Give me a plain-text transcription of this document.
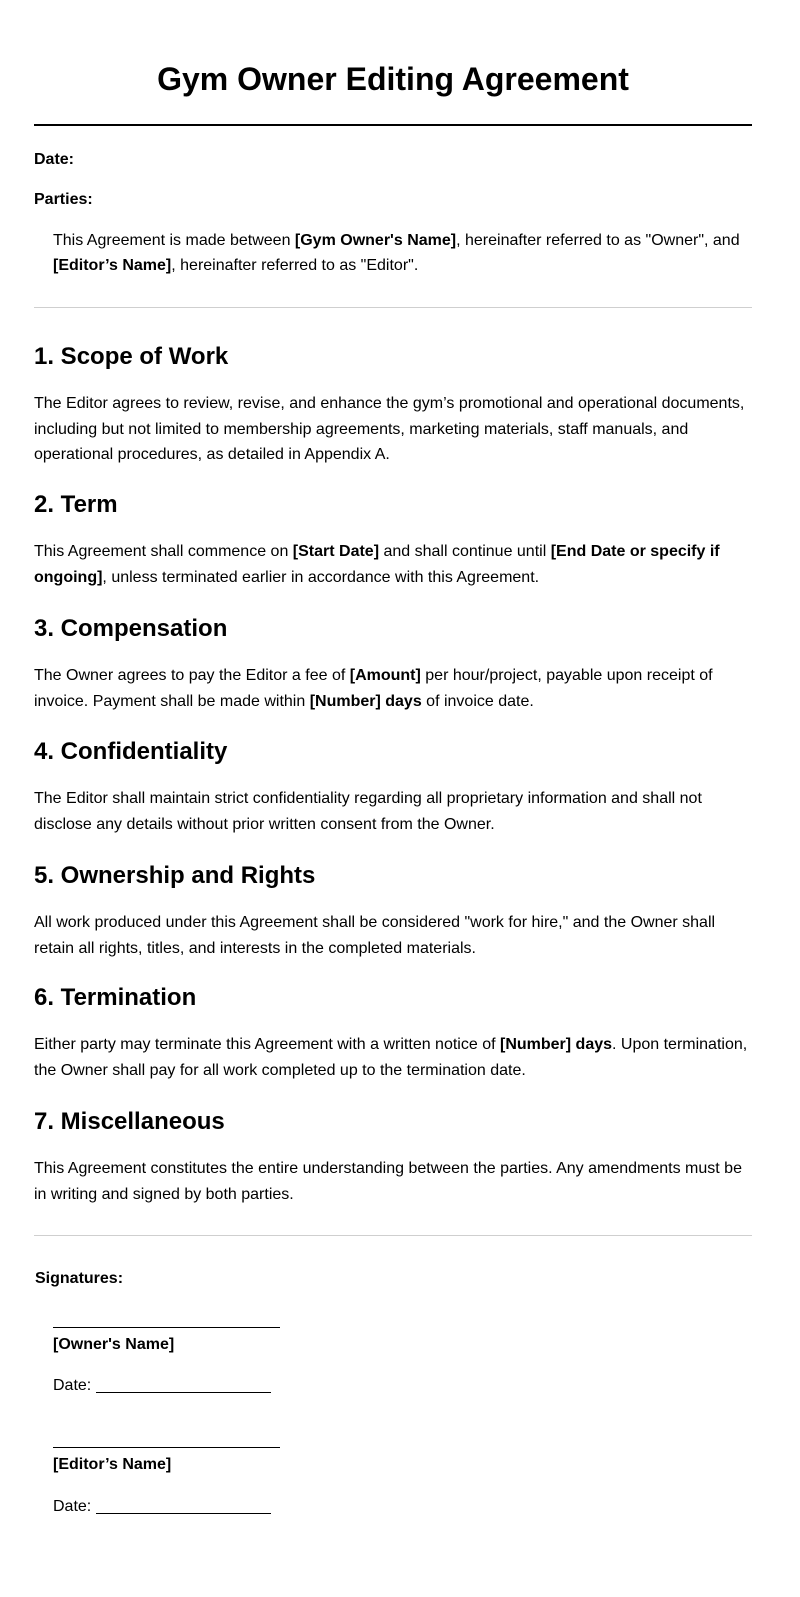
Gym Owner Editing Agreement
Date:
Parties:
This Agreement is made between [Gym Owner's Name], hereinafter referred to as "Owner", and [Editor’s Name], hereinafter referred to as "Editor".
1. Scope of Work

The Editor agrees to review, revise, and enhance the gym’s promotional and operational documents, including but not limited to membership agreements, marketing materials, staff manuals, and operational procedures, as detailed in Appendix A.

2. Term

This Agreement shall commence on [Start Date] and shall continue until [End Date or specify if ongoing], unless terminated earlier in accordance with this Agreement.

3. Compensation

The Owner agrees to pay the Editor a fee of [Amount] per hour/project, payable upon receipt of invoice. Payment shall be made within [Number] days of invoice date.

4. Confidentiality

The Editor shall maintain strict confidentiality regarding all proprietary information and shall not disclose any details without prior written consent from the Owner.

5. Ownership and Rights

All work produced under this Agreement shall be considered "work for hire," and the Owner shall retain all rights, titles, and interests in the completed materials.

6. Termination

Either party may terminate this Agreement with a written notice of [Number] days. Upon termination, the Owner shall pay for all work completed up to the termination date.

7. Miscellaneous

This Agreement constitutes the entire understanding between the parties. Any amendments must be in writing and signed by both parties.

Signatures:
[Owner's Name]
Date:
[Editor’s Name]
Date:
